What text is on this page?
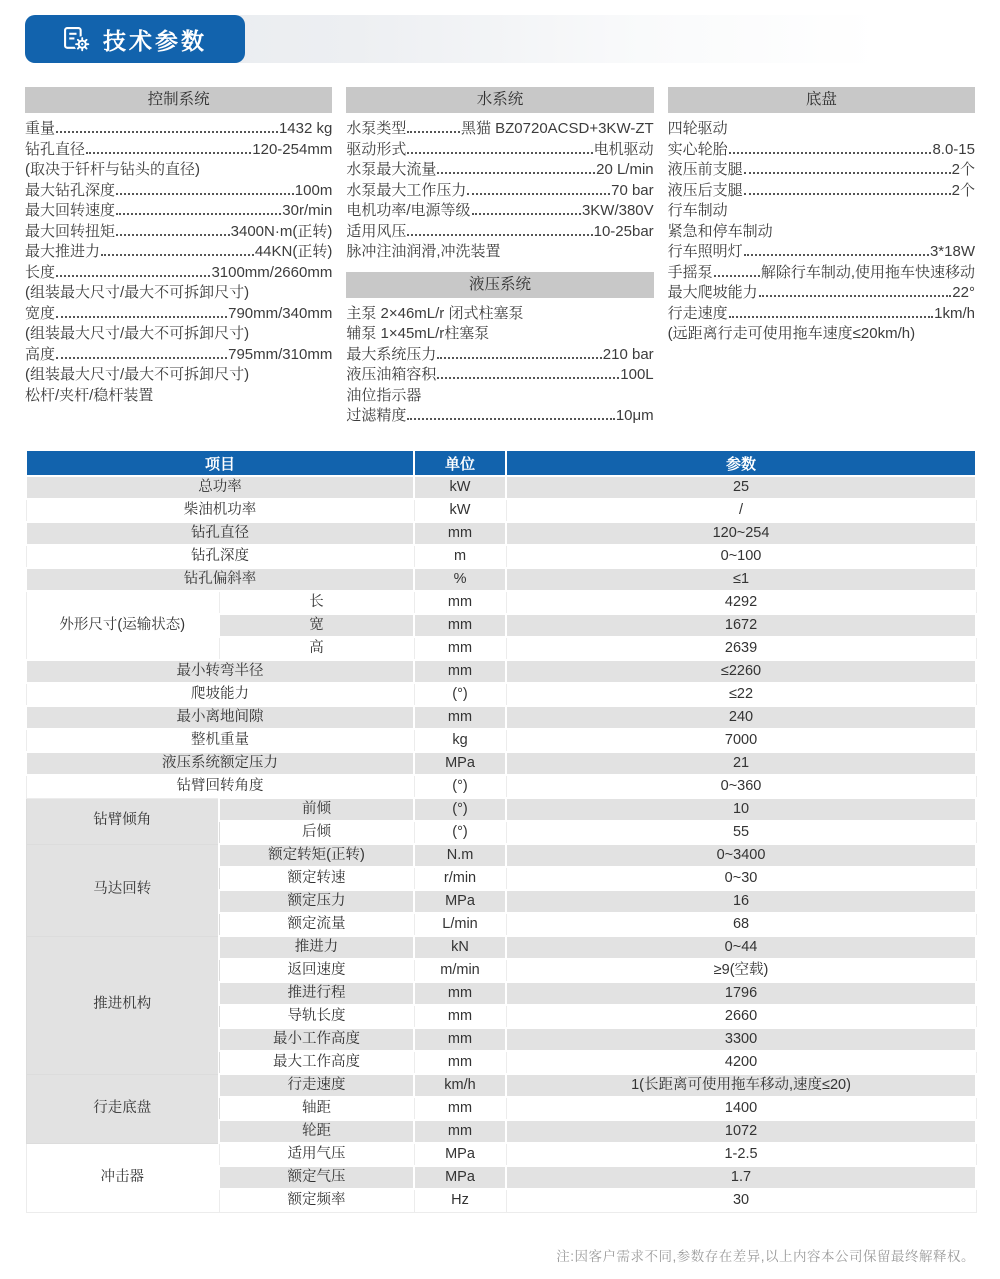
技术参数
控制系统
重量	1432 kg
钻孔直径	120-254mm
(取决于钎杆与钻头的直径)
最大钻孔深度	100m
最大回转速度	30r/min
最大回转扭矩	3400N·m(正转)
最大推进力	44KN(正转)
长度	3100mm/2660mm
(组装最大尺寸/最大不可拆卸尺寸)
宽度	790mm/340mm
(组装最大尺寸/最大不可拆卸尺寸)
高度	795mm/310mm
(组装最大尺寸/最大不可拆卸尺寸)
松杆/夹杆/稳杆装置
水系统
水泵类型	黑猫 BZ0720ACSD+3KW-ZT
驱动形式	电机驱动
水泵最大流量	20 L/min
水泵最大工作压力	70 bar
电机功率/电源等级	3KW/380V
适用风压	10-25bar
脉冲注油润滑,冲洗装置
液压系统
主泵 2×46mL/r 闭式柱塞泵
辅泵 1×45mL/r柱塞泵
最大系统压力	210 bar
液压油箱容积	100L
油位指示器
过滤精度	10μm
底盘
四轮驱动
实心轮胎	8.0-15
液压前支腿	2个
液压后支腿	2个
行车制动
紧急和停车制动
行车照明灯	3*18W
手摇泵	解除行车制动,使用拖车快速移动
最大爬坡能力	22°
行走速度	1km/h
(远距离行走可使用拖车速度≤20km/h)
项目		单位	参数
总功率		kW	25
柴油机功率		kW	/
钻孔直径		mm	120~254
钻孔深度		m	0~100
钻孔偏斜率		%	≤1
外形尺寸(运输状态)	长	mm	4292
	宽	mm	1672
	高	mm	2639
最小转弯半径		mm	≤2260
爬坡能力		(°)	≤22
最小离地间隙		mm	240
整机重量		kg	7000
液压系统额定压力		MPa	21
钻臂回转角度		(°)	0~360
钻臂倾角	前倾	(°)	10
	后倾	(°)	55
马达回转	额定转矩(正转)	N.m	0~3400
	额定转速	r/min	0~30
	额定压力	MPa	16
	额定流量	L/min	68
推进机构	推进力	kN	0~44
	返回速度	m/min	≥9(空载)
	推进行程	mm	1796
	导轨长度	mm	2660
	最小工作高度	mm	3300
	最大工作高度	mm	4200
行走底盘	行走速度	km/h	1(长距离可使用拖车移动,速度≤20)
	轴距	mm	1400
	轮距	mm	1072
冲击器	适用气压	MPa	1-2.5
	额定气压	MPa	1.7
	额定频率	Hz	30
注:因客户需求不同,参数存在差异,以上内容本公司保留最终解释权。
